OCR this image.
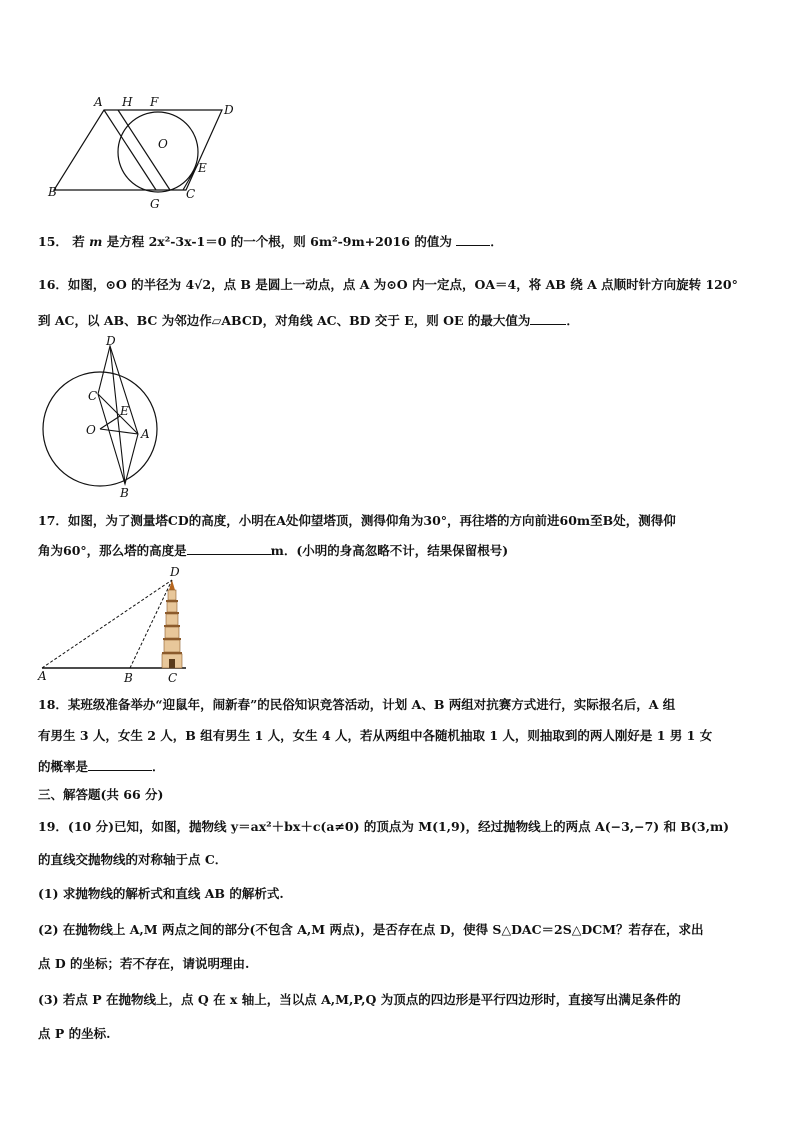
A H F
D
O
E
B
G
C
15． 若 m 是方程 2x²-3x-1＝0 的一个根，则 6m²-9m+2016 的值为	．
16．如图，⊙O 的半径为 4√2，点 B 是圆上一动点，点 A 为⊙O 内一定点，OA＝4，将 AB 绕 A 点顺时针方向旋转 120°
到 AC，以 AB、BC 为邻边作▱ABCD，对角线 AC、BD 交于 E，则 OE 的最大值为	．
D
C
E
O	A
B
17．如图，为了测量塔CD的高度，小明在A处仰望塔顶，测得仰角为30°，再往塔的方向前进60m至B处，测得仰
角为60°，那么塔的高度是	m．(小明的身高忽略不计，结果保留根号)
D
A	B	C
18．某班级准备举办“迎鼠年，闹新春”的民俗知识竞答活动，计划 A、B 两组对抗赛方式进行，实际报名后，A 组
有男生 3 人，女生 2 人，B 组有男生 1 人，女生 4 人，若从两组中各随机抽取 1 人，则抽取到的两人刚好是 1 男 1 女
的概率是	．
三、解答题(共 66 分)
19．(10 分)已知，如图，抛物线 y＝ax²＋bx＋c(a≠0) 的顶点为 M(1,9)，经过抛物线上的两点 A(−3,−7) 和 B(3,m)
的直线交抛物线的对称轴于点 C．
(1) 求抛物线的解析式和直线 AB 的解析式.
(2) 在抛物线上 A,M 两点之间的部分(不包含 A,M 两点)，是否存在点 D，使得 S△DAC＝2S△DCM？若存在，求出
点 D 的坐标；若不存在，请说明理由.
(3) 若点 P 在抛物线上，点 Q 在 x 轴上，当以点 A,M,P,Q 为顶点的四边形是平行四边形时，直接写出满足条件的
点 P 的坐标.
